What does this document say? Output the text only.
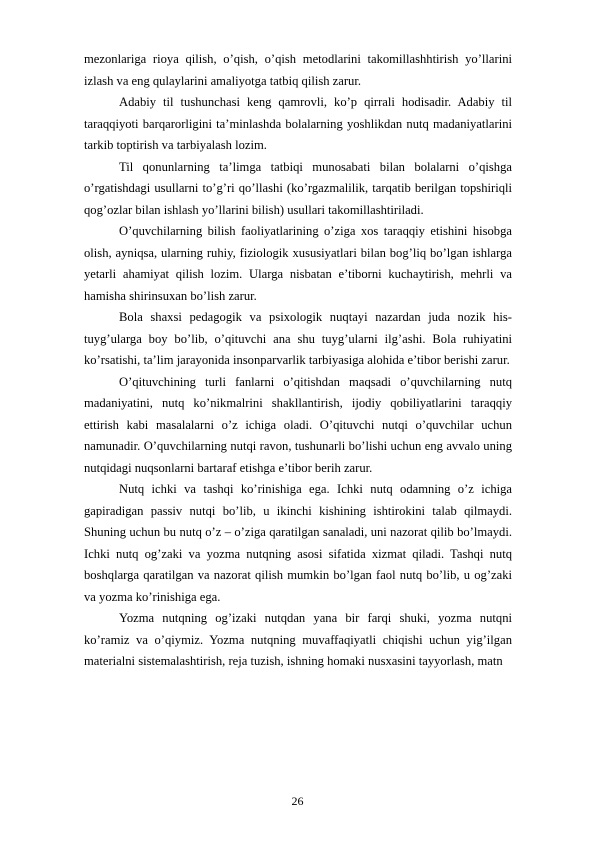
mezonlariga rioya qilish, o’qish, o’qish metodlarini takomillashhtirish yo’llarini izlash va eng qulaylarini amaliyotga tatbiq qilish zarur.

Adabiy til tushunchasi keng qamrovli, ko’p qirrali hodisadir. Adabiy til taraqqiyoti barqarorligini ta’minlashda bolalarning yoshlikdan nutq madaniyatlarini tarkib toptirish va tarbiyalash lozim.

Til qonunlarning ta’limga tatbiqi munosabati bilan bolalarni o’qishga o’rgatishdagi usullarni to’g’ri qo’llashi (ko’rgazmalilik, tarqatib berilgan topshiriqli qog’ozlar bilan ishlash yo’llarini bilish) usullari takomillashtiriladi.

O’quvchilarning bilish faoliyatlarining o’ziga xos taraqqiy etishini hisobga olish, ayniqsa, ularning ruhiy, fiziologik xususiyatlari bilan bog’liq bo’lgan ishlarga yetarli ahamiyat qilish lozim. Ularga nisbatan e’tiborni kuchaytirish, mehrli va hamisha shirinsuxan bo’lish zarur.

Bola shaxsi pedagogik va psixologik nuqtayi nazardan juda nozik his-tuyg’ularga boy bo’lib, o’qituvchi ana shu tuyg’ularni ilg’ashi. Bola ruhiyatini ko’rsatishi, ta’lim jarayonida insonparvarlik tarbiyasiga alohida e’tibor berishi zarur.

O’qituvchining turli fanlarni o’qitishdan maqsadi o’quvchilarning nutq madaniyatini, nutq ko’nikmalrini shakllantirish, ijodiy qobiliyatlarini taraqqiy ettirish kabi masalalarni o’z ichiga oladi. O’qituvchi nutqi o’quvchilar uchun namunadir. O’quvchilarning nutqi ravon, tushunarli bo’lishi uchun eng avvalo uning nutqidagi nuqsonlarni bartaraf etishga e’tibor berih zarur.

Nutq ichki va tashqi ko’rinishiga ega. Ichki nutq odamning o’z ichiga gapiradigan passiv nutqi bo’lib, u ikinchi kishining ishtirokini talab qilmaydi. Shuning uchun bu nutq o’z – o’ziga qaratilgan sanaladi, uni nazorat qilib bo’lmaydi. Ichki nutq og’zaki va yozma nutqning asosi sifatida xizmat qiladi. Tashqi nutq boshqlarga qaratilgan va nazorat qilish mumkin bo’lgan faol nutq bo’lib, u og’zaki va yozma ko’rinishiga ega.

Yozma nutqning og’izaki nutqdan yana bir farqi shuki, yozma nutqni ko’ramiz va o’qiymiz. Yozma nutqning muvaffaqiyatli chiqishi uchun yig’ilgan materialni sistemalashtirish, reja tuzish, ishning homaki nusxasini tayyorlash, matn

26
